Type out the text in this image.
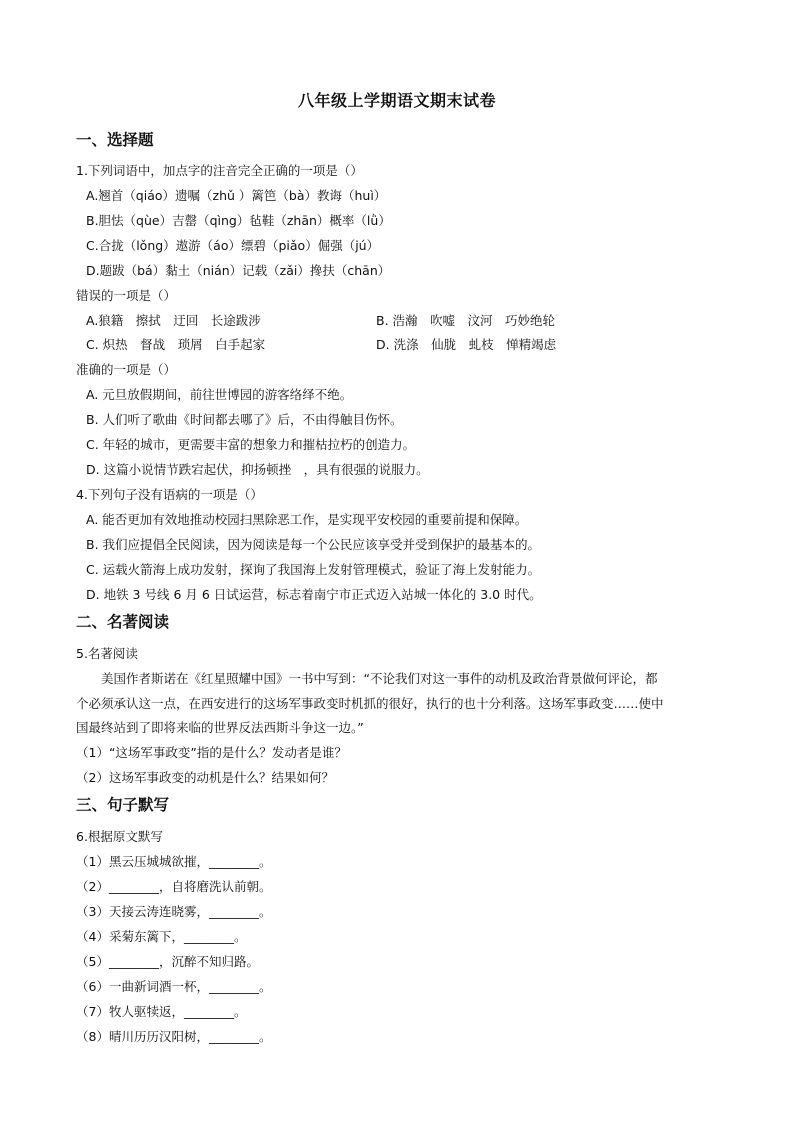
八年级上学期语文期末试卷
一、选择题
1.下列词语中，加点字的注音完全正确的一项是（）
A.翘首（qiáo）遗嘱（zhǔ ）篱笆（bà）教诲（huì）
B.胆怯（qùe）吉罄（qìng）毡鞋（zhān）概率（lǜ）
C.合拢（lǒng）遨游（áo）缥碧（piǎo）倔强（jú）
D.题跋（bá）黏土（nián）记载（zǎi）搀扶（chān）
错误的一项是（）
A.狼籍　擦拭　迂回　长途跋涉	B. 浩瀚　吹嘘　汶河　巧妙绝轮
C. 炽热　督战　琐屑　白手起家	D. 洗涤　仙胧　虬枝　惮精竭虑
准确的一项是（）
A. 元旦放假期间，前往世博园的游客络绎不绝。
B. 人们听了歌曲《时间都去哪了》后，不由得触目伤怀。
C. 年轻的城市，更需要丰富的想象力和摧枯拉朽的创造力。
D. 这篇小说情节跌宕起伏，抑扬顿挫　，具有很强的说服力。
4.下列句子没有语病的一项是（）
A. 能否更加有效地推动校园扫黑除恶工作，是实现平安校园的重要前提和保障。
B. 我们应提倡全民阅读，因为阅读是每一个公民应该享受并受到保护的最基本的。
C. 运载火箭海上成功发射，探询了我国海上发射管理模式，验证了海上发射能力。
D. 地铁 3 号线 6 月 6 日试运营，标志着南宁市正式迈入站城一体化的 3.0 时代。
二、名著阅读
5.名著阅读
　　美国作者斯诺在《红星照耀中国》一书中写到：“不论我们对这一事件的动机及政治背景做何评论，都
个必须承认这一点，在西安进行的这场军事政变时机抓的很好，执行的也十分利落。这场军事政变……使中
国最终站到了即将来临的世界反法西斯斗争这一边。”
（1）“这场军事政变”指的是什么？发动者是谁？
（2）这场军事政变的动机是什么？结果如何？
三、句子默写
6.根据原文默写
（1）黑云压城城欲摧，________。
（2）________，自将磨洗认前朝。
（3）天接云涛连晓雾，________。
（4）采菊东篱下，________。
（5）________，沉醉不知归路。
（6）一曲新词酒一杯，________。
（7）牧人驱犊返，________。
（8）晴川历历汉阳树，________。
